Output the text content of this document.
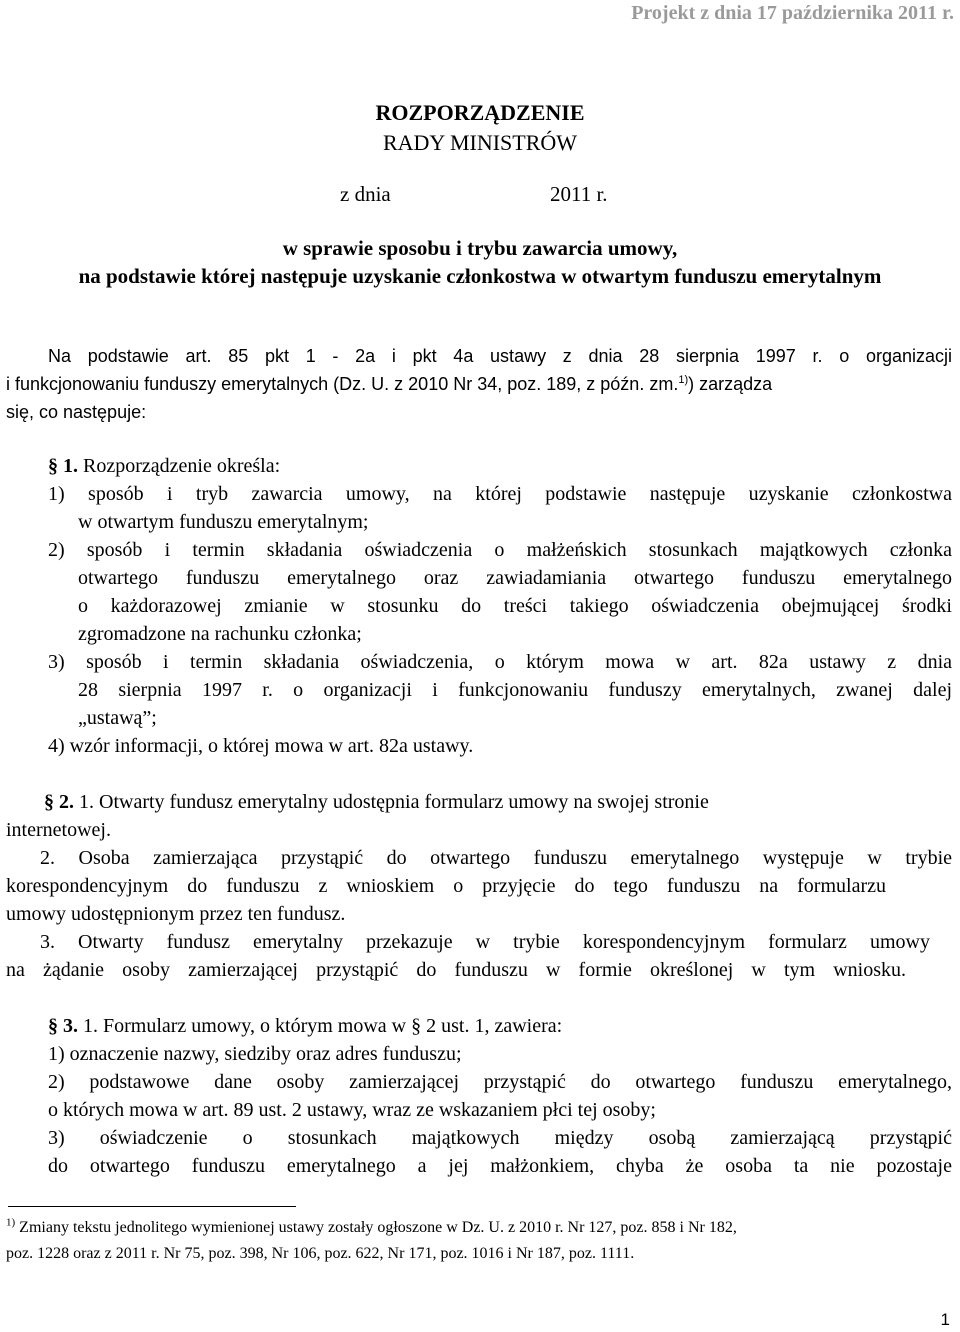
Projekt z dnia 17 października 2011 r.
ROZPORZĄDZENIE
RADY MINISTRÓW
z dnia	2011 r.
w sprawie sposobu i trybu zawarcia umowy,
na podstawie której następuje uzyskanie członkostwa w otwartym funduszu emerytalnym
Na podstawie art. 85 pkt 1 - 2a i pkt 4a ustawy z dnia 28 sierpnia 1997 r. o organizacji
i funkcjonowaniu funduszy emerytalnych (Dz. U. z 2010 Nr 34, poz. 189, z późn. zm.$^{1)}$) zarządza
się, co następuje:
§ 1. Rozporządzenie określa:
1) sposób i tryb zawarcia umowy, na której podstawie następuje uzyskanie członkostwa
w otwartym funduszu emerytalnym;
2) sposób i termin składania oświadczenia o małżeńskich stosunkach majątkowych członka
otwartego funduszu emerytalnego oraz zawiadamiania otwartego funduszu emerytalnego
o każdorazowej zmianie w stosunku do treści takiego oświadczenia obejmującej środki
zgromadzone na rachunku członka;
3) sposób i termin składania oświadczenia, o którym mowa w art. 82a ustawy z dnia
28 sierpnia 1997 r. o organizacji i funkcjonowaniu funduszy emerytalnych, zwanej dalej
„ustawą”;
4) wzór informacji, o której mowa w art. 82a ustawy.
§ 2. 1. Otwarty fundusz emerytalny udostępnia formularz umowy na swojej stronie
internetowej.
2. Osoba zamierzająca przystąpić do otwartego funduszu emerytalnego występuje w trybie
korespondencyjnym do funduszu z wnioskiem o przyjęcie do tego funduszu na formularzu
umowy udostępnionym przez ten fundusz.
3. Otwarty fundusz emerytalny przekazuje w trybie korespondencyjnym formularz umowy
na żądanie osoby zamierzającej przystąpić do funduszu w formie określonej w tym wniosku.
§ 3. 1. Formularz umowy, o którym mowa w § 2 ust. 1, zawiera:
1) oznaczenie nazwy, siedziby oraz adres funduszu;
2) podstawowe dane osoby zamierzającej przystąpić do otwartego funduszu emerytalnego,
o których mowa w art. 89 ust. 2 ustawy, wraz ze wskazaniem płci tej osoby;
3) oświadczenie o stosunkach majątkowych między osobą zamierzającą przystąpić
do otwartego funduszu emerytalnego a jej małżonkiem, chyba że osoba ta nie pozostaje
$^{1)}$ Zmiany tekstu jednolitego wymienionej ustawy zostały ogłoszone w Dz. U. z 2010 r. Nr 127, poz. 858 i Nr 182,
poz. 1228 oraz z 2011 r. Nr 75, poz. 398, Nr 106, poz. 622, Nr 171, poz. 1016 i Nr 187, poz. 1111.
1
